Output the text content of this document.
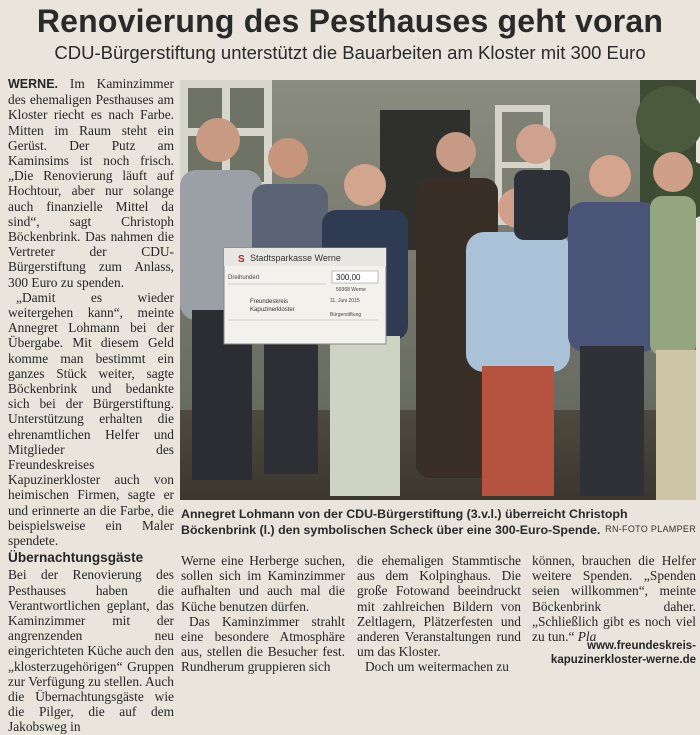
Renovierung des Pesthauses geht voran
CDU-Bürgerstiftung unterstützt die Bauarbeiten am Kloster mit 300 Euro

WERNE. Im Kaminzimmer des ehemaligen Pesthauses am Kloster riecht es nach Farbe. Mitten im Raum steht ein Gerüst. Der Putz am Kaminsims ist noch frisch. „Die Renovierung läuft auf Hochtour, aber nur solange auch finanzielle Mittel da sind“, sagt Christoph Böckenbrink. Das nahmen die Vertreter der CDU-Bürgerstiftung zum Anlass, 300 Euro zu spenden.

„Damit es wieder weitergehen kann“, meinte Annegret Lohmann bei der Übergabe. Mit diesem Geld komme man bestimmt ein ganzes Stück weiter, sagte Böckenbrink und bedankte sich bei der Bürgerstiftung. Unterstützung erhalten die ehrenamtlichen Helfer und Mitglieder des Freundeskreises Kapuzinerkloster auch von heimischen Firmen, sagte er und erinnerte an die Farbe, die beispielsweise ein Maler spendete.

Übernachtungsgäste

Bei der Renovierung des Pesthauses haben die Verantwortlichen geplant, das Kaminzimmer mit der angrenzenden neu eingerichteten Küche auch den „klosterzugehörigen“ Gruppen zur Verfügung zu stellen. Auch die Übernachtungsgäste wie die Pilger, die auf dem Jakobsweg in

S Stadtsparkasse Werne
Dreihundert	300,00
59368 Werne
Freundeskreis
Kapuzinerkloster
11. Juni 2015
Bürgerstiftung
Annegret Lohmann von der CDU-Bürgerstiftung (3.v.l.) überreicht Christoph Böckenbrink (l.) den symbolischen Scheck über eine 300-Euro-Spende. RN-FOTO PLAMPER

Werne eine Herberge suchen, sollen sich im Kaminzimmer aufhalten und auch mal die Küche benutzen dürfen.

Das Kaminzimmer strahlt eine besondere Atmosphäre aus, stellen die Besucher fest. Rundherum gruppieren sich

die ehemaligen Stammtische aus dem Kolpinghaus. Die große Fotowand beeindruckt mit zahlreichen Bildern von Zeltlagern, Plätzerfesten und anderen Veranstaltungen rund um das Kloster.

Doch um weitermachen zu

können, brauchen die Helfer weitere Spenden. „Spenden seien willkommen“, meinte Böckenbrink daher. „Schließlich gibt es noch viel zu tun.“ Pla

www.freundeskreis-
kapuzinerkloster-werne.de
